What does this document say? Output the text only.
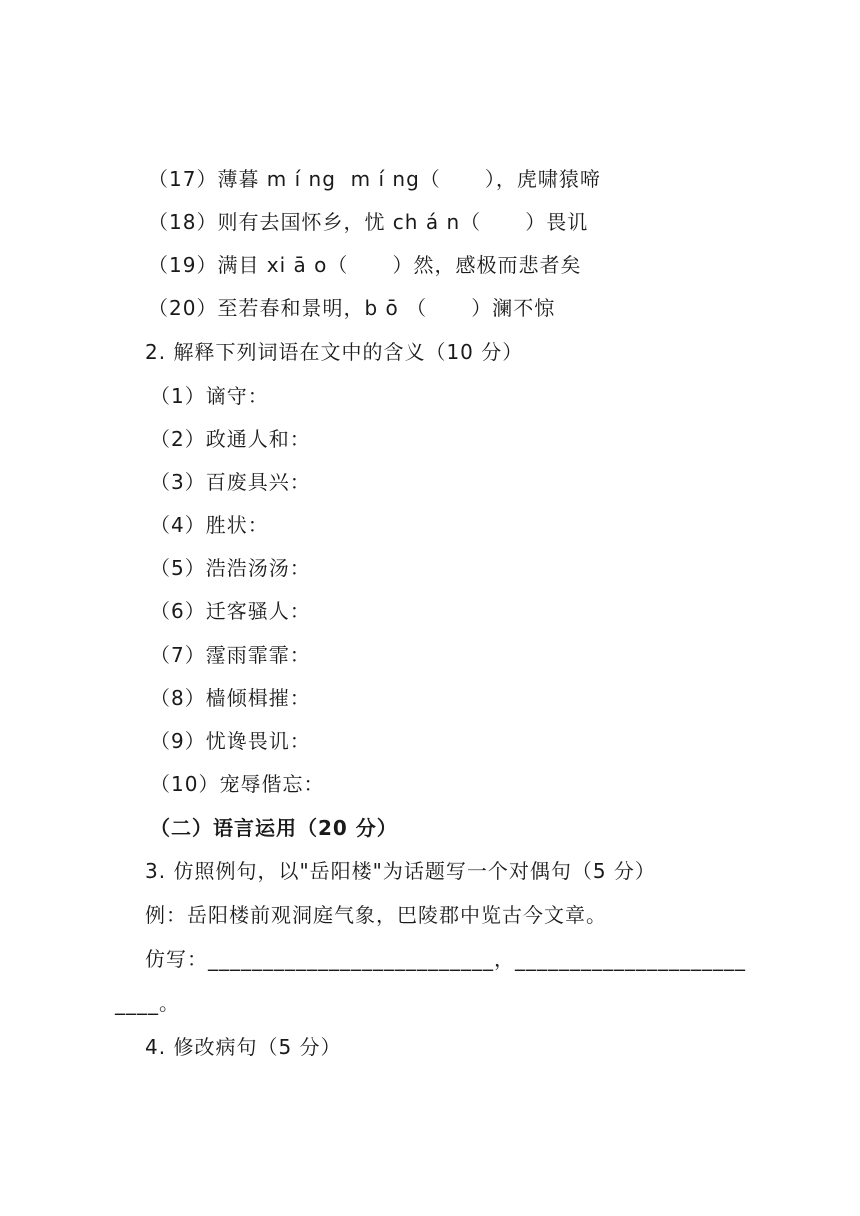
（17）薄暮 m í ng  m í ng（      ），虎啸猿啼
（18）则有去国怀乡，忧 ch á n（      ）畏讥
（19）满目 xi ā o（      ）然，感极而悲者矣
（20）至若春和景明，b ō （      ）澜不惊
2. 解释下列词语在文中的含义（10 分）
（1）谪守：
（2）政通人和：
（3）百废具兴：
（4）胜状：
（5）浩浩汤汤：
（6）迁客骚人：
（7）霪雨霏霏：
（8）樯倾楫摧：
（9）忧谗畏讥：
（10）宠辱偕忘：
（二）语言运用（20 分）
3. 仿照例句，以"岳阳楼"为话题写一个对偶句（5 分）
例：岳阳楼前观洞庭气象，巴陵郡中览古今文章。
仿写：__________________________，_____________________
____。
4. 修改病句（5 分）
